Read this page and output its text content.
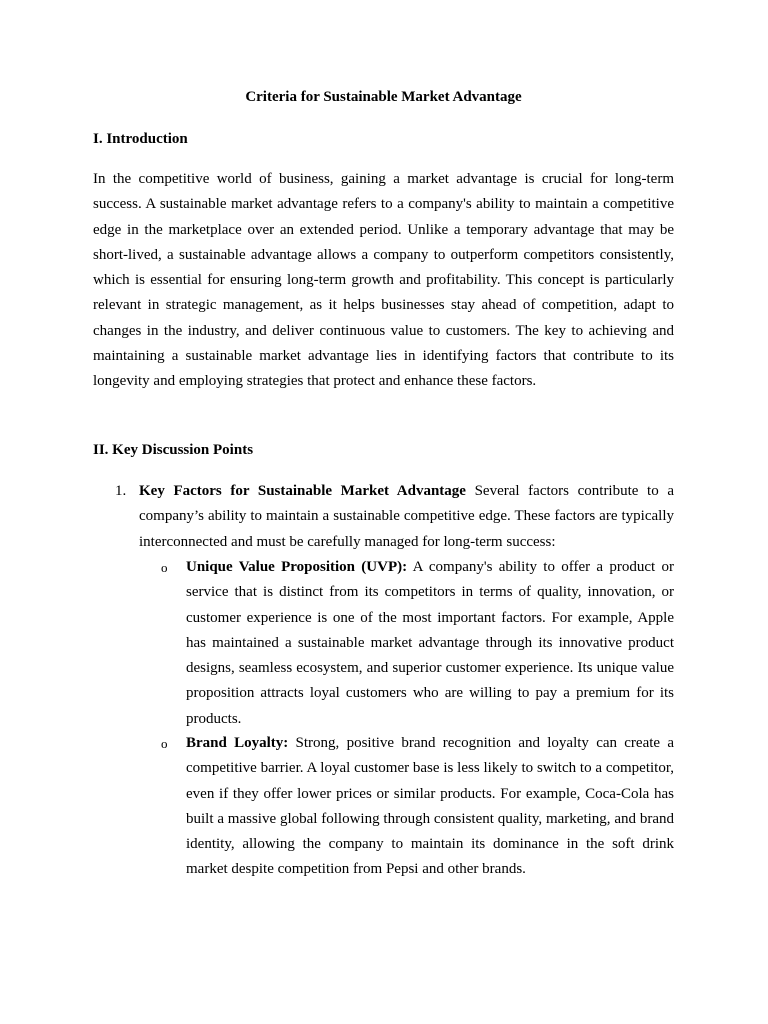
Criteria for Sustainable Market Advantage

I. Introduction

In the competitive world of business, gaining a market advantage is crucial for long-term success. A sustainable market advantage refers to a company's ability to maintain a competitive edge in the marketplace over an extended period. Unlike a temporary advantage that may be short-lived, a sustainable advantage allows a company to outperform competitors consistently, which is essential for ensuring long-term growth and profitability. This concept is particularly relevant in strategic management, as it helps businesses stay ahead of competition, adapt to changes in the industry, and deliver continuous value to customers. The key to achieving and maintaining a sustainable market advantage lies in identifying factors that contribute to its longevity and employing strategies that protect and enhance these factors.

II. Key Discussion Points

1. Key Factors for Sustainable Market Advantage Several factors contribute to a company’s ability to maintain a sustainable competitive edge. These factors are typically interconnected and must be carefully managed for long-term success:

o Unique Value Proposition (UVP): A company's ability to offer a product or service that is distinct from its competitors in terms of quality, innovation, or customer experience is one of the most important factors. For example, Apple has maintained a sustainable market advantage through its innovative product designs, seamless ecosystem, and superior customer experience. Its unique value proposition attracts loyal customers who are willing to pay a premium for its products.

o Brand Loyalty: Strong, positive brand recognition and loyalty can create a competitive barrier. A loyal customer base is less likely to switch to a competitor, even if they offer lower prices or similar products. For example, Coca-Cola has built a massive global following through consistent quality, marketing, and brand identity, allowing the company to maintain its dominance in the soft drink market despite competition from Pepsi and other brands.
